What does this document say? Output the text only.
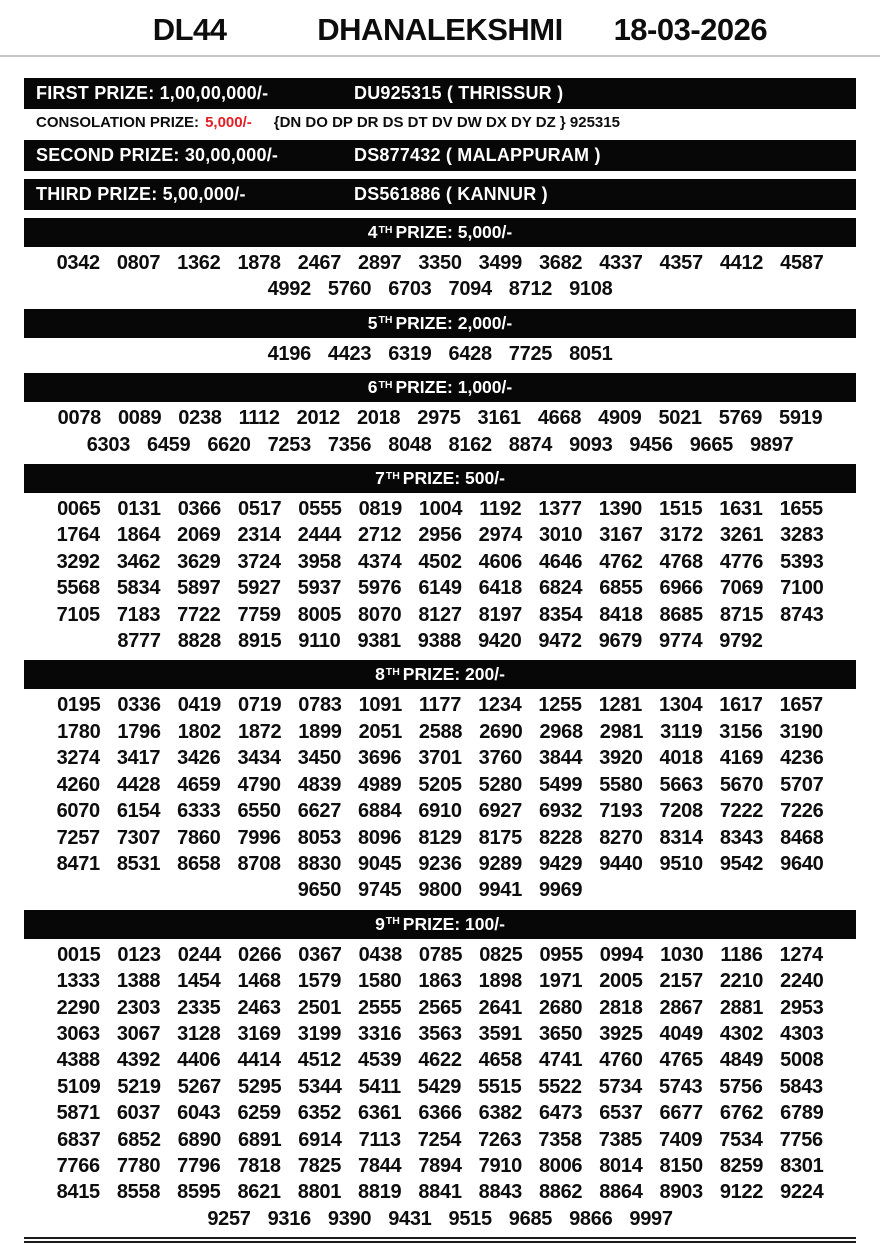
DL44	DHANALEKSHMI 18-03-2026
FIRST PRIZE: 1,00,00,000/-	DU925315 ( THRISSUR )
CONSOLATION PRIZE: 5,000/- {DN DO DP DR DS DT DV DW DX DY DZ } 925315
SECOND PRIZE: 30,00,000/-	DS877432 ( MALAPPURAM )
THIRD PRIZE: 5,00,000/-	DS561886 ( KANNUR )
4 TH PRIZE: 5,000/-
0342 0807 1362 1878 2467 2897 3350 3499 3682 4337 4357 4412 4587
4992 5760 6703 7094 8712 9108
5 TH PRIZE: 2,000/-
4196 4423 6319 6428 7725 8051
6 TH PRIZE: 1,000/-
0078 0089 0238 1112 2012 2018 2975 3161 4668 4909 5021 5769 5919
6303 6459 6620 7253 7356 8048 8162 8874 9093 9456 9665 9897
7 TH PRIZE: 500/-
0065 0131 0366 0517 0555 0819 1004 1192 1377 1390 1515 1631 1655
1764 1864 2069 2314 2444 2712 2956 2974 3010 3167 3172 3261 3283
3292 3462 3629 3724 3958 4374 4502 4606 4646 4762 4768 4776 5393
5568 5834 5897 5927 5937 5976 6149 6418 6824 6855 6966 7069 7100
7105 7183 7722 7759 8005 8070 8127 8197 8354 8418 8685 8715 8743
8777 8828 8915 9110 9381 9388 9420 9472 9679 9774 9792
8 TH PRIZE: 200/-
0195 0336 0419 0719 0783 1091 1177 1234 1255 1281 1304 1617 1657
1780 1796 1802 1872 1899 2051 2588 2690 2968 2981 3119 3156 3190
3274 3417 3426 3434 3450 3696 3701 3760 3844 3920 4018 4169 4236
4260 4428 4659 4790 4839 4989 5205 5280 5499 5580 5663 5670 5707
6070 6154 6333 6550 6627 6884 6910 6927 6932 7193 7208 7222 7226
7257 7307 7860 7996 8053 8096 8129 8175 8228 8270 8314 8343 8468
8471 8531 8658 8708 8830 9045 9236 9289 9429 9440 9510 9542 9640
9650 9745 9800 9941 9969
9 TH PRIZE: 100/-
0015 0123 0244 0266 0367 0438 0785 0825 0955 0994 1030 1186 1274
1333 1388 1454 1468 1579 1580 1863 1898 1971 2005 2157 2210 2240
2290 2303 2335 2463 2501 2555 2565 2641 2680 2818 2867 2881 2953
3063 3067 3128 3169 3199 3316 3563 3591 3650 3925 4049 4302 4303
4388 4392 4406 4414 4512 4539 4622 4658 4741 4760 4765 4849 5008
5109 5219 5267 5295 5344 5411 5429 5515 5522 5734 5743 5756 5843
5871 6037 6043 6259 6352 6361 6366 6382 6473 6537 6677 6762 6789
6837 6852 6890 6891 6914 7113 7254 7263 7358 7385 7409 7534 7756
7766 7780 7796 7818 7825 7844 7894 7910 8006 8014 8150 8259 8301
8415 8558 8595 8621 8801 8819 8841 8843 8862 8864 8903 9122 9224
9257 9316 9390 9431 9515 9685 9866 9997
